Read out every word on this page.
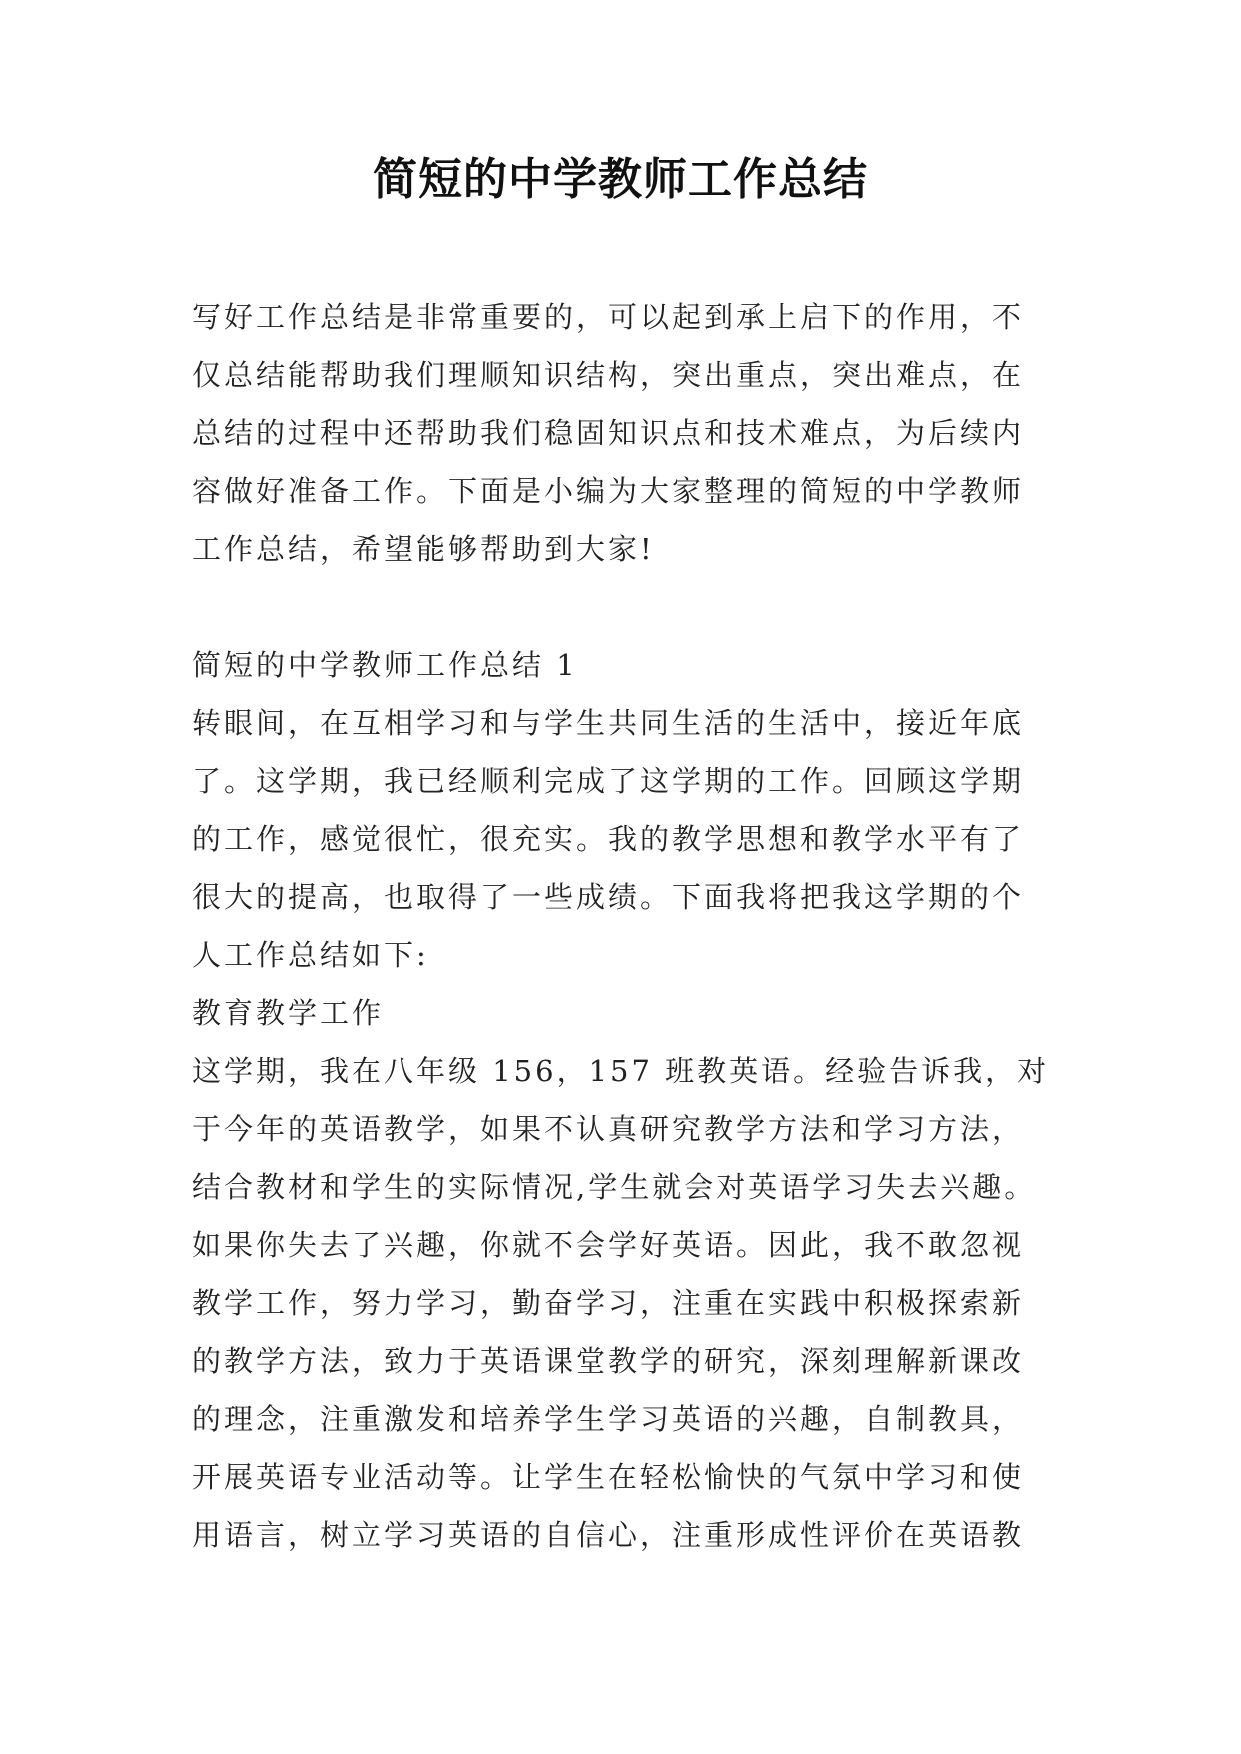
简短的中学教师工作总结
写好工作总结是非常重要的，可以起到承上启下的作用，不
仅总结能帮助我们理顺知识结构，突出重点，突出难点，在
总结的过程中还帮助我们稳固知识点和技术难点，为后续内
容做好准备工作。下面是小编为大家整理的简短的中学教师
工作总结，希望能够帮助到大家!
简短的中学教师工作总结 1
转眼间，在互相学习和与学生共同生活的生活中，接近年底
了。这学期，我已经顺利完成了这学期的工作。回顾这学期
的工作，感觉很忙，很充实。我的教学思想和教学水平有了
很大的提高，也取得了一些成绩。下面我将把我这学期的个
人工作总结如下:
教育教学工作
这学期，我在八年级 156，157 班教英语。经验告诉我，对
于今年的英语教学，如果不认真研究教学方法和学习方法，
结合教材和学生的实际情况,学生就会对英语学习失去兴趣。
如果你失去了兴趣，你就不会学好英语。因此，我不敢忽视
教学工作，努力学习，勤奋学习，注重在实践中积极探索新
的教学方法，致力于英语课堂教学的研究，深刻理解新课改
的理念，注重激发和培养学生学习英语的兴趣，自制教具，
开展英语专业活动等。让学生在轻松愉快的气氛中学习和使
用语言，树立学习英语的自信心，注重形成性评价在英语教
